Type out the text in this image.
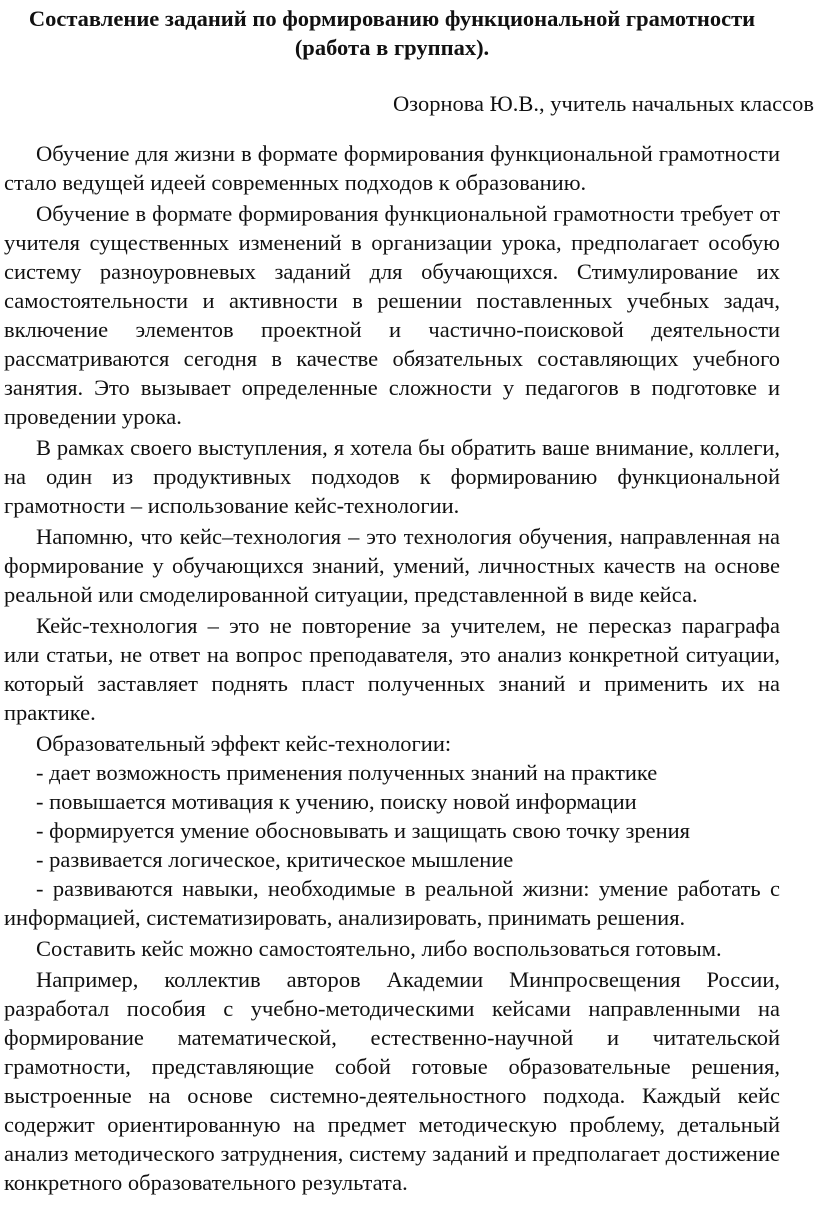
Составление заданий по формированию функциональной грамотности
(работа в группах).

Озорнова Ю.В., учитель начальных классов

Обучение для жизни в формате формирования функциональной грамотности стало ведущей идеей современных подходов к образованию.

Обучение в формате формирования функциональной грамотности требует от учителя существенных изменений в организации урока, предполагает особую систему разноуровневых заданий для обучающихся. Стимулирование их самостоятельности и активности в решении поставленных учебных задач, включение элементов проектной и частично-поисковой деятельности рассматриваются сегодня в качестве обязательных составляющих учебного занятия. Это вызывает определенные сложности у педагогов в подготовке и проведении урока.

В рамках своего выступления, я хотела бы обратить ваше внимание, коллеги, на один из продуктивных подходов к формированию функциональной грамотности – использование кейс-технологии.

Напомню, что кейс–технология – это технология обучения, направленная на формирование у обучающихся знаний, умений, личностных качеств на основе реальной или смоделированной ситуации, представленной в виде кейса.

Кейс-технология – это не повторение за учителем, не пересказ параграфа или статьи, не ответ на вопрос преподавателя, это анализ конкретной ситуации, который заставляет поднять пласт полученных знаний и применить их на практике.

Образовательный эффект кейс-технологии:

- дает возможность применения полученных знаний на практике

- повышается мотивация к учению, поиску новой информации

- формируется умение обосновывать и защищать свою точку зрения

- развивается логическое, критическое мышление

- развиваются навыки, необходимые в реальной жизни: умение работать с информацией, систематизировать, анализировать, принимать решения.

Составить кейс можно самостоятельно, либо воспользоваться готовым.

Например, коллектив авторов Академии Минпросвещения России, разработал пособия с учебно-методическими кейсами направленными на формирование математической, естественно-научной и читательской грамотности, представляющие собой готовые образовательные решения, выстроенные на основе системно-деятельностного подхода. Каждый кейс содержит ориентированную на предмет методическую проблему, детальный анализ методического затруднения, систему заданий и предполагает достижение конкретного образовательного результата.
